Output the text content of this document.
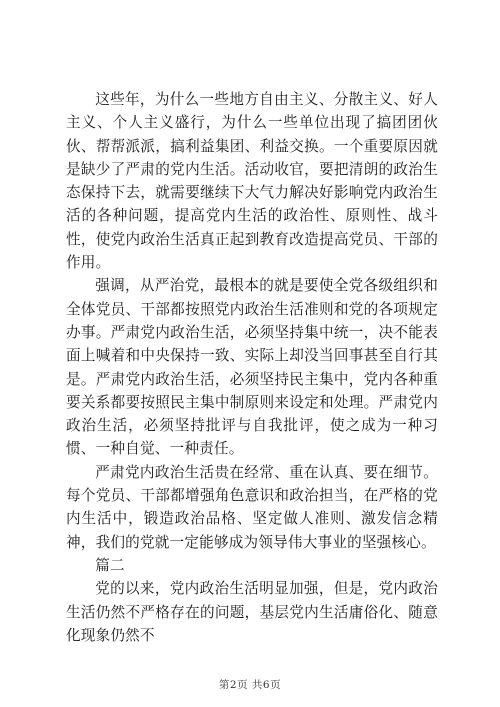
这些年，为什么一些地方自由主义、分散主义、好人主义、个人主义盛行，为什么一些单位出现了搞团团伙伙、帮帮派派，搞利益集团、利益交换。一个重要原因就是缺少了严肃的党内生活。活动收官，要把清朗的政治生态保持下去，就需要继续下大气力解决好影响党内政治生活的各种问题，提高党内生活的政治性、原则性、战斗性，使党内政治生活真正起到教育改造提高党员、干部的作用。

强调，从严治党，最根本的就是要使全党各级组织和全体党员、干部都按照党内政治生活准则和党的各项规定办事。严肃党内政治生活，必须坚持集中统一，决不能表面上喊着和中央保持一致、实际上却没当回事甚至自行其是。严肃党内政治生活，必须坚持民主集中，党内各种重要关系都要按照民主集中制原则来设定和处理。严肃党内政治生活，必须坚持批评与自我批评，使之成为一种习惯、一种自觉、一种责任。

严肃党内政治生活贵在经常、重在认真、要在细节。每个党员、干部都增强角色意识和政治担当，在严格的党内生活中，锻造政治品格、坚定做人准则、激发信念精神，我们的党就一定能够成为领导伟大事业的坚强核心。

篇二

党的以来，党内政治生活明显加强，但是，党内政治生活仍然不严格存在的问题，基层党内生活庸俗化、随意化现象仍然不

第2页 共6页
